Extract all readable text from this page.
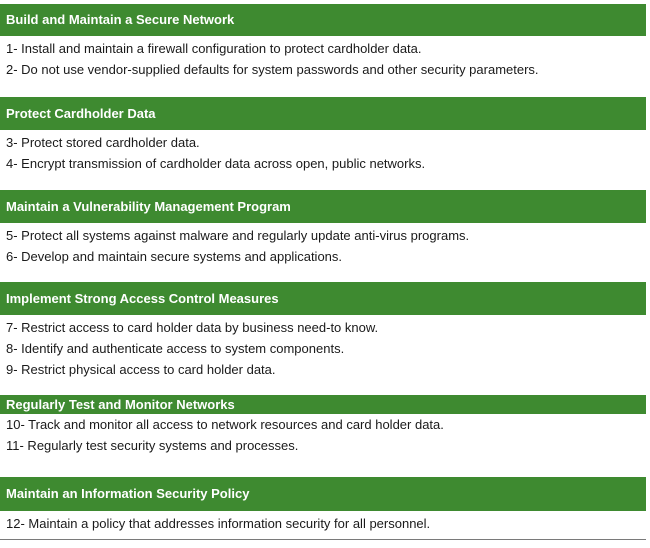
Build and Maintain a Secure Network
1- Install and maintain a firewall configuration to protect cardholder data.
2- Do not use vendor-supplied defaults for system passwords and other security parameters.
Protect Cardholder Data
3- Protect stored cardholder data.
4- Encrypt transmission of cardholder data across open, public networks.
Maintain a Vulnerability Management Program
5- Protect all systems against malware and regularly update anti-virus programs.
6- Develop and maintain secure systems and applications.
Implement Strong Access Control Measures
7- Restrict access to card holder data by business need-to know.
8- Identify and authenticate access to system components.
9- Restrict physical access to card holder data.
Regularly Test and Monitor Networks
10- Track and monitor all access to network resources and card holder data.
11- Regularly test security systems and processes.
Maintain an Information Security Policy
12- Maintain a policy that addresses information security for all personnel.
